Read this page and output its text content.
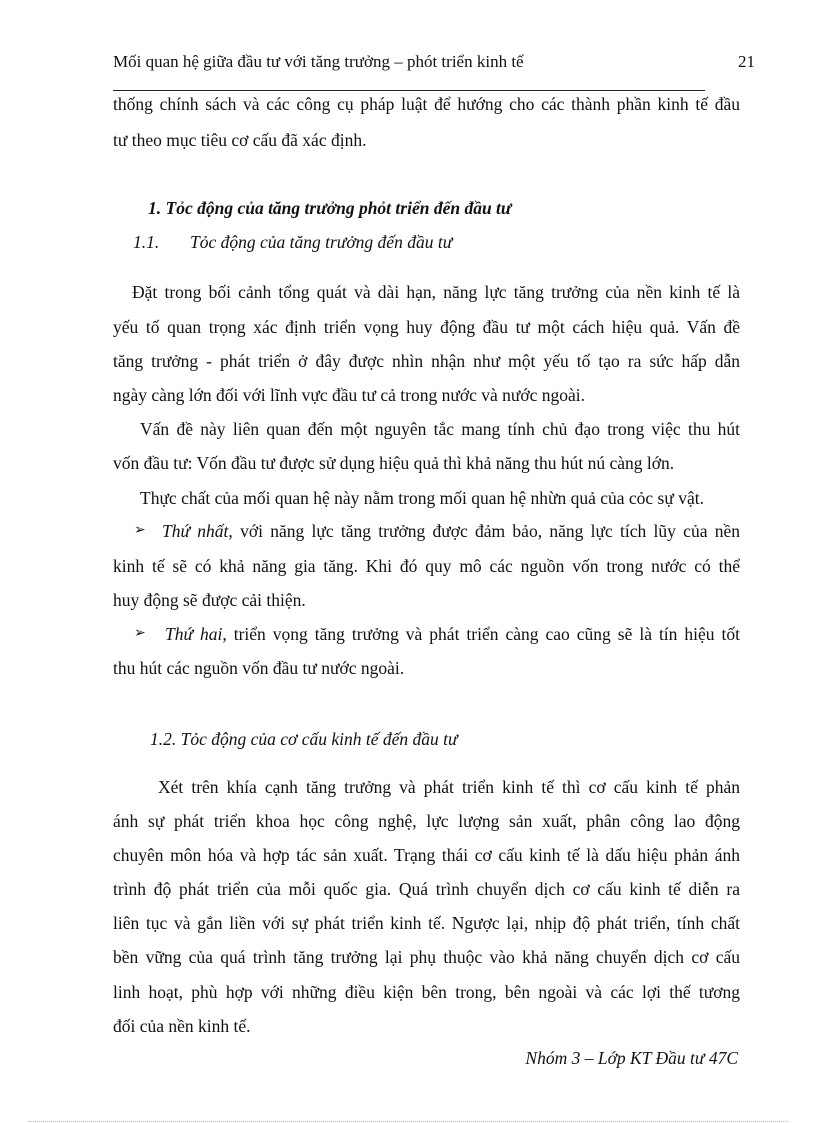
Mối quan hệ giữa đầu tư với tăng trưởng – phót triển kinh tế	21
thống chính sách và các công cụ pháp luật để hướng cho các thành phần kinh tế đầu
tư theo mục tiêu cơ cấu đã xác định.
1. Tỏc động của tăng trưởng phỏt triển đến đầu tư
1.1. Tỏc động của tăng trưởng đến đầu tư
Đặt trong bối cảnh tổng quát và dài hạn, năng lực tăng trưởng của nền kinh tế là
yếu tố quan trọng xác định triển vọng huy động đầu tư một cách hiệu quả. Vấn đề
tăng trưởng - phát triển ở đây được nhìn nhận như một yếu tố tạo ra sức hấp dẫn
ngày càng lớn đối với lĩnh vực đầu tư cả trong nước và nước ngoài.
Vấn đề này liên quan đến một nguyên tắc mang tính chủ đạo trong việc thu hút
vốn đầu tư: Vốn đầu tư được sử dụng hiệu quả thì khả năng thu hút nú càng lớn.
Thực chất của mối quan hệ này nằm trong mối quan hệ nhừn quả của cỏc sự vật.
➢ Thứ nhất, với năng lực tăng trưởng được đảm bảo, năng lực tích lũy của nền
kinh tế sẽ có khả năng gia tăng. Khi đó quy mô các nguồn vốn trong nước có thể
huy động sẽ được cải thiện.
➢ Thứ hai, triển vọng tăng trưởng và phát triển càng cao cũng sẽ là tín hiệu tốt
thu hút các nguồn vốn đầu tư nước ngoài.
1.2. Tỏc động của cơ cấu kinh tế đến đầu tư
Xét trên khía cạnh tăng trưởng và phát triển kinh tế thì cơ cấu kinh tế phản
ánh sự phát triển khoa học công nghệ, lực lượng sản xuất, phân công lao động
chuyên môn hóa và hợp tác sản xuất. Trạng thái cơ cấu kinh tế là dấu hiệu phản ánh
trình độ phát triển của mỗi quốc gia. Quá trình chuyển dịch cơ cấu kinh tế diễn ra
liên tục và gắn liền với sự phát triển kinh tế. Ngược lại, nhịp độ phát triển, tính chất
bền vững của quá trình tăng trưởng lại phụ thuộc vào khả năng chuyển dịch cơ cấu
linh hoạt, phù hợp với những điều kiện bên trong, bên ngoài và các lợi thế tương
đối của nền kinh tế.
Nhóm 3 – Lớp KT Đầu tư 47C
